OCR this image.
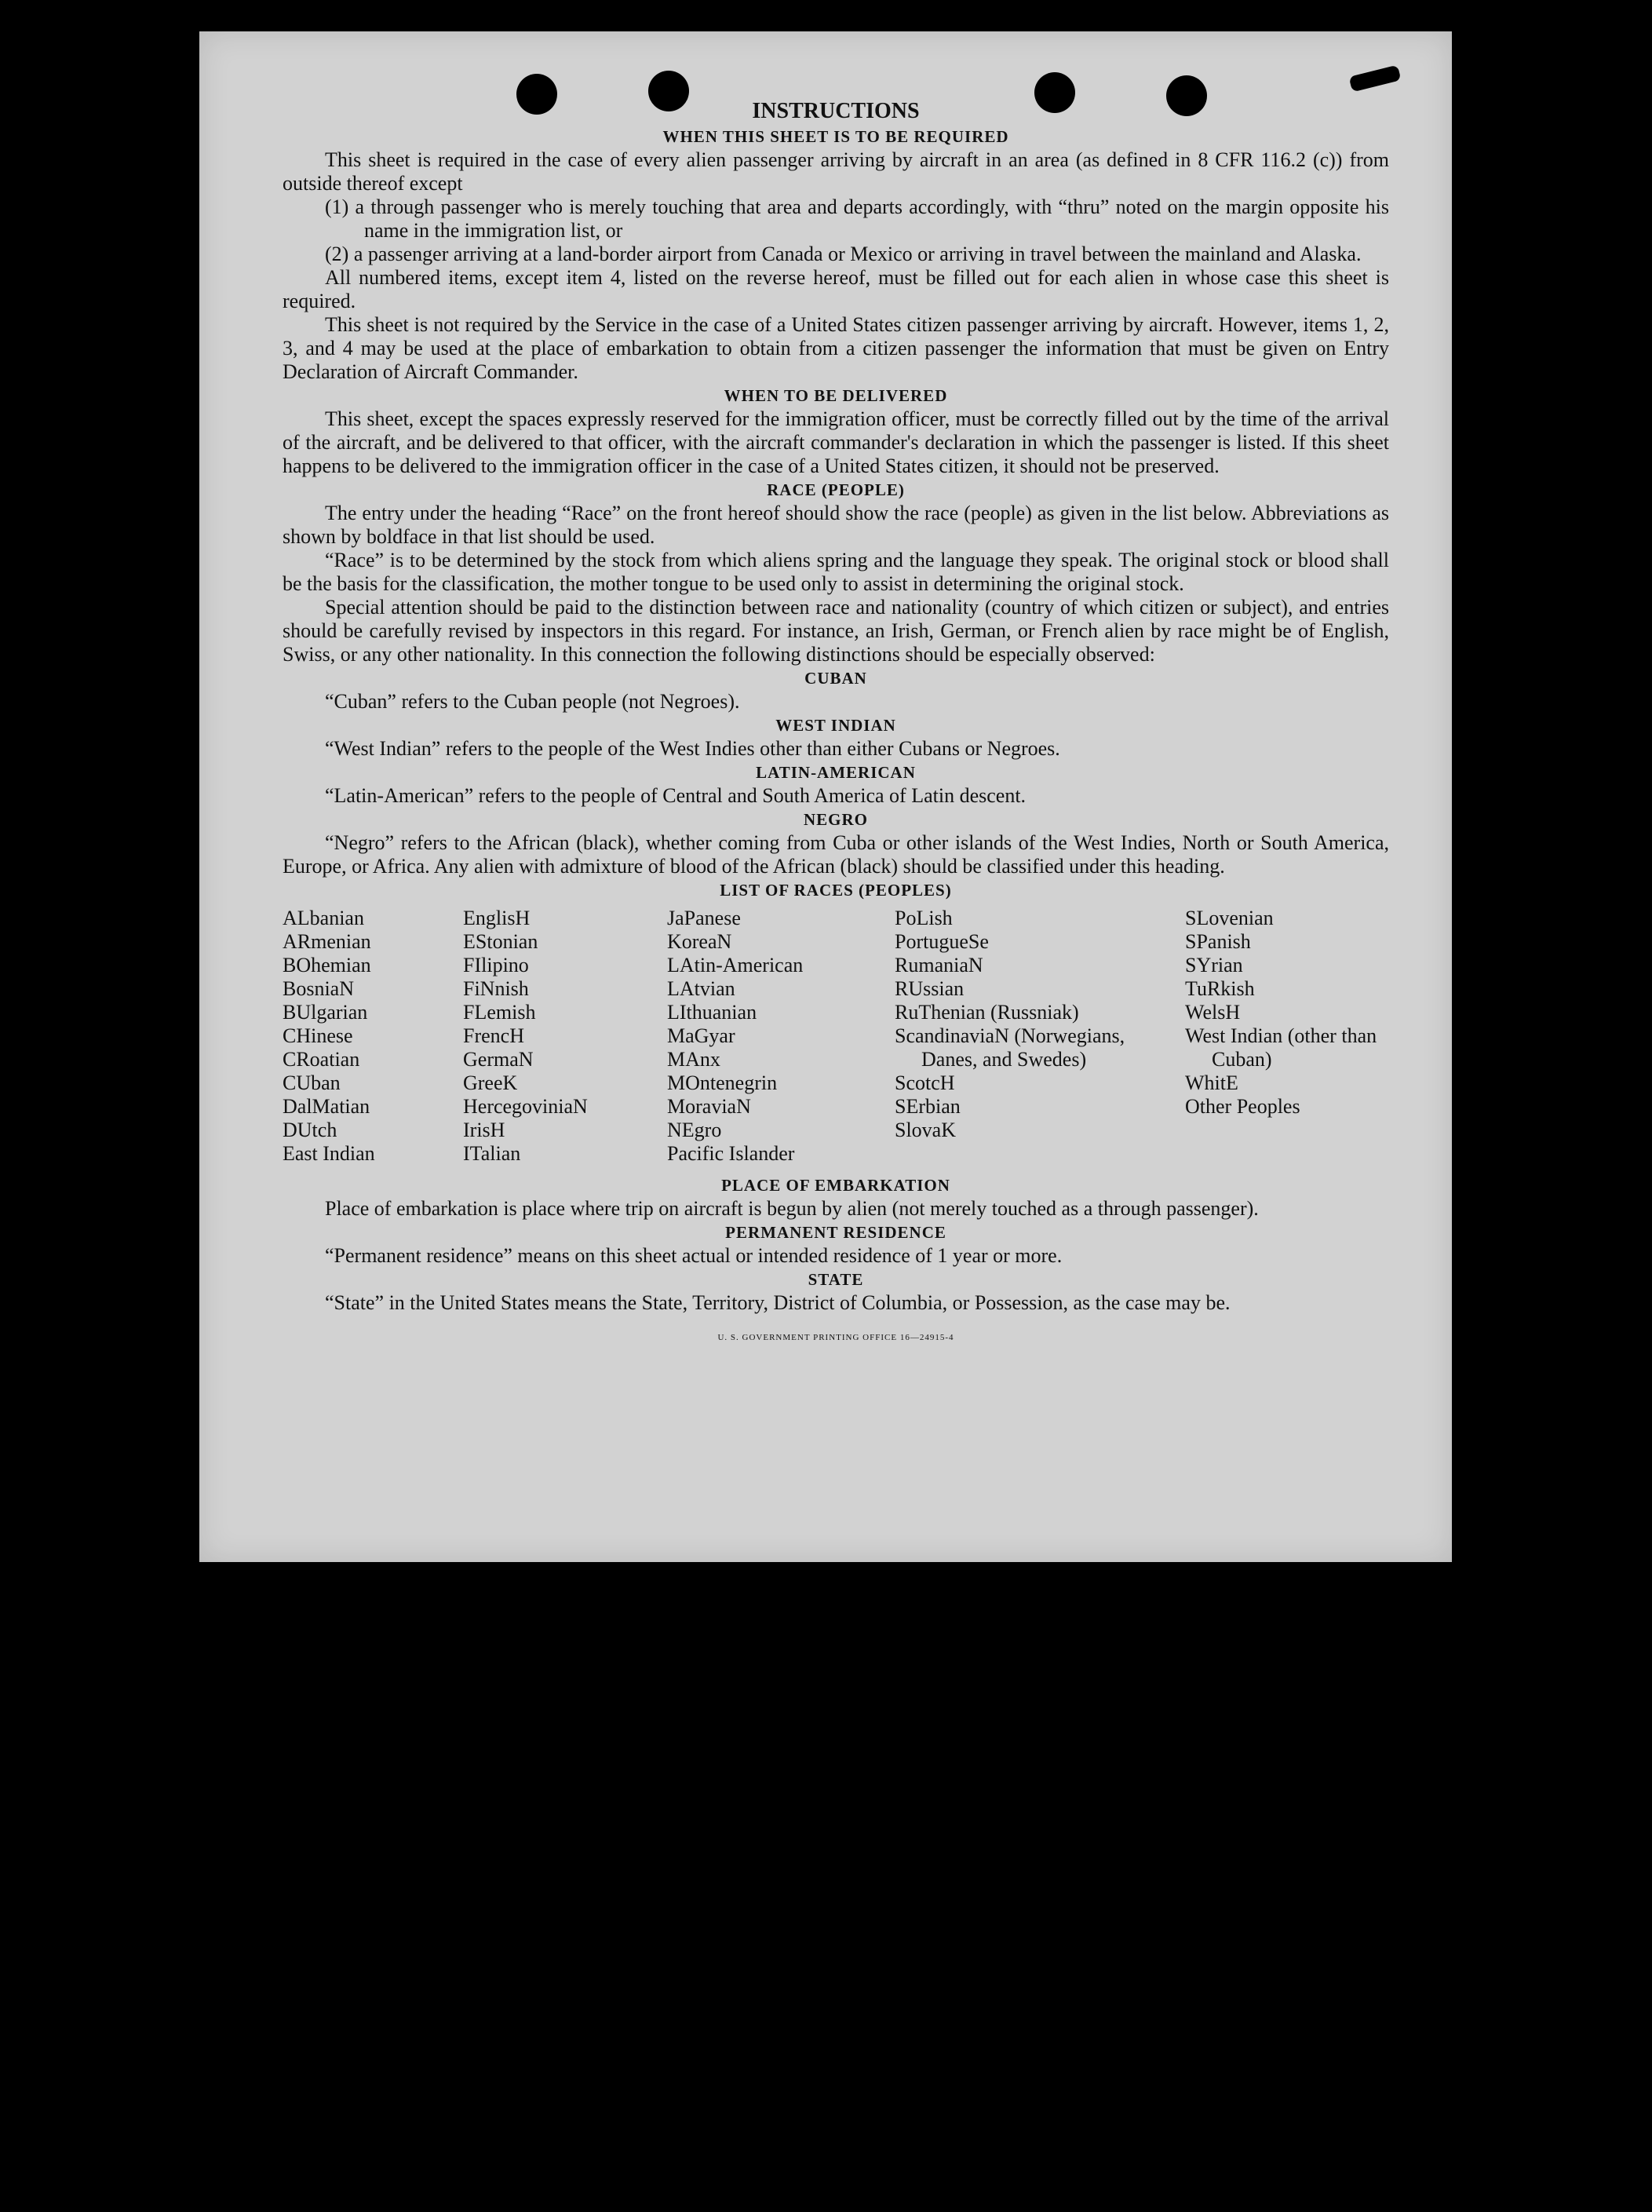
INSTRUCTIONS
WHEN THIS SHEET IS TO BE REQUIRED

This sheet is required in the case of every alien passenger arriving by aircraft in an area (as defined in 8 CFR 116.2 (c)) from outside thereof except

(1) a through passenger who is merely touching that area and departs accordingly, with “thru” noted on the margin opposite his name in the immigration list, or
(2) a passenger arriving at a land-border airport from Canada or Mexico or arriving in travel between the mainland and Alaska.

All numbered items, except item 4, listed on the reverse hereof, must be filled out for each alien in whose case this sheet is required.

This sheet is not required by the Service in the case of a United States citizen passenger arriving by aircraft. However, items 1, 2, 3, and 4 may be used at the place of embarkation to obtain from a citizen passenger the information that must be given on Entry Declaration of Aircraft Commander.

WHEN TO BE DELIVERED

This sheet, except the spaces expressly reserved for the immigration officer, must be correctly filled out by the time of the arrival of the aircraft, and be delivered to that officer, with the aircraft commander's declaration in which the passenger is listed. If this sheet happens to be delivered to the immigration officer in the case of a United States citizen, it should not be preserved.

RACE (PEOPLE)

The entry under the heading “Race” on the front hereof should show the race (people) as given in the list below. Abbreviations as shown by boldface in that list should be used.

“Race” is to be determined by the stock from which aliens spring and the language they speak. The original stock or blood shall be the basis for the classification, the mother tongue to be used only to assist in determining the original stock.

Special attention should be paid to the distinction between race and nationality (country of which citizen or subject), and entries should be carefully revised by inspectors in this regard. For instance, an Irish, German, or French alien by race might be of English, Swiss, or any other nationality. In this connection the following distinctions should be especially observed:

CUBAN

“Cuban” refers to the Cuban people (not Negroes).

WEST INDIAN

“West Indian” refers to the people of the West Indies other than either Cubans or Negroes.

LATIN-AMERICAN

“Latin-American” refers to the people of Central and South America of Latin descent.

NEGRO

“Negro” refers to the African (black), whether coming from Cuba or other islands of the West Indies, North or South America, Europe, or Africa. Any alien with admixture of blood of the African (black) should be classified under this heading.

LIST OF RACES (PEOPLES)
ALbanian
ARmenian
BOhemian
BosniaN
BUlgarian
CHinese
CRoatian
CUban
DalMatian
DUtch
East Indian
EnglisH
EStonian
FIlipino
FiNnish
FLemish
FrencH
GermaN
GreeK
HercegoviniaN
IrisH
ITalian
JaPanese
KoreaN
LAtin-American
LAtvian
LIthuanian
MaGyar
MAnx
MOntenegrin
MoraviaN
NEgro
Pacific Islander
PoLish
PortugueSe
RumaniaN
RUssian
RuThenian (Russniak)
ScandinaviaN (Norwegians, Danes, and Swedes)
ScotcH
SErbian
SlovaK
SLovenian
SPanish
SYrian
TuRkish
WelsH
West Indian (other than Cuban)
WhitE
Other Peoples
PLACE OF EMBARKATION

Place of embarkation is place where trip on aircraft is begun by alien (not merely touched as a through passenger).

PERMANENT RESIDENCE

“Permanent residence” means on this sheet actual or intended residence of 1 year or more.

STATE

“State” in the United States means the State, Territory, District of Columbia, or Possession, as the case may be.

U. S. GOVERNMENT PRINTING OFFICE 16—24915-4
